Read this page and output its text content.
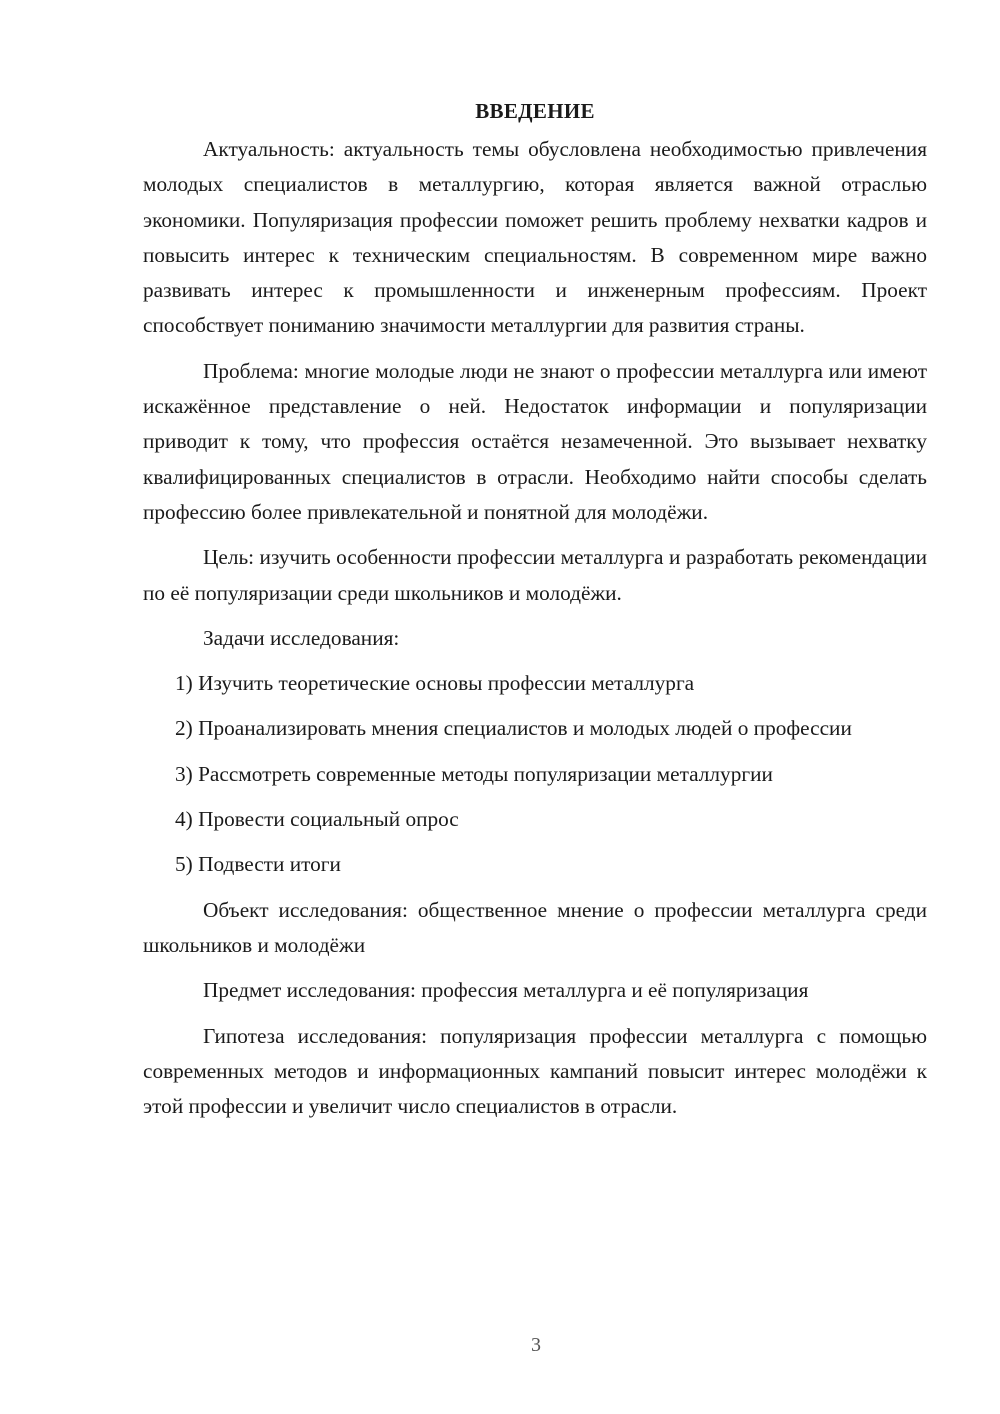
ВВЕДЕНИЕ

Актуальность: актуальность темы обусловлена необходимостью привлечения молодых специалистов в металлургию, которая является важной отраслью экономики. Популяризация профессии поможет решить проблему нехватки кадров и повысить интерес к техническим специальностям. В современном мире важно развивать интерес к промышленности и инженерным профессиям. Проект способствует пониманию значимости металлургии для развития страны.

Проблема: многие молодые люди не знают о профессии металлурга или имеют искажённое представление о ней. Недостаток информации и популяризации приводит к тому, что профессия остаётся незамеченной. Это вызывает нехватку квалифицированных специалистов в отрасли. Необходимо найти способы сделать профессию более привлекательной и понятной для молодёжи.

Цель: изучить особенности профессии металлурга и разработать рекомендации по её популяризации среди школьников и молодёжи.

Задачи исследования:

1) Изучить теоретические основы профессии металлурга

2) Проанализировать мнения специалистов и молодых людей о профессии

3) Рассмотреть современные методы популяризации металлургии

4) Провести социальный опрос

5) Подвести итоги

Объект исследования: общественное мнение о профессии металлурга среди школьников и молодёжи

Предмет исследования: профессия металлурга и её популяризация

Гипотеза исследования: популяризация профессии металлурга с помощью современных методов и информационных кампаний повысит интерес молодёжи к этой профессии и увеличит число специалистов в отрасли.

3
